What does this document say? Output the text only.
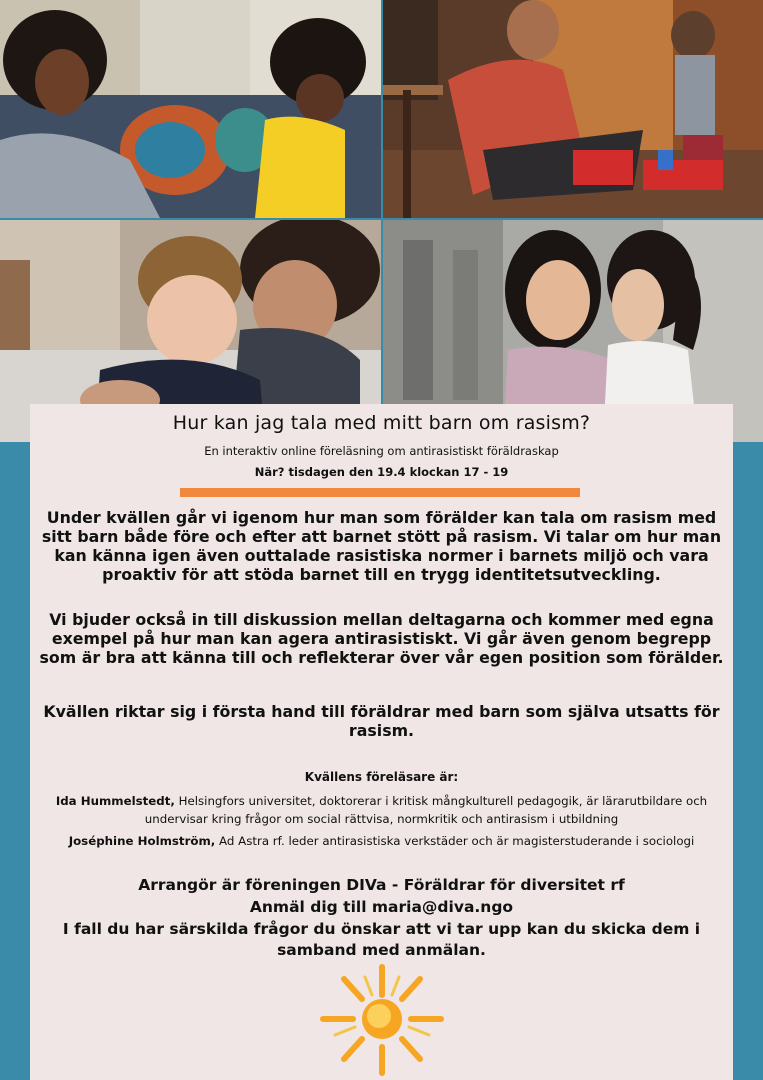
Hur kan jag tala med mitt barn om rasism?
En interaktiv online föreläsning om antirasistiskt föräldraskap
När? tisdagen den 19.4 klockan 17 - 19
Under kvällen går vi igenom hur man som förälder kan tala om rasism med sitt barn både före och efter att barnet stött på rasism. Vi talar om hur man kan känna igen även outtalade rasistiska normer i barnets miljö och vara proaktiv för att stöda barnet till en trygg identitetsutveckling.
Vi bjuder också in till diskussion mellan deltagarna och kommer med egna exempel på hur man kan agera antirasistiskt. Vi går även genom begrepp som är bra att känna till och reflekterar över vår egen position som förälder.
Kvällen riktar sig i första hand till föräldrar med barn som själva utsatts för rasism.
Kvällens föreläsare är:
Ida Hummelstedt, Helsingfors universitet, doktorerar i kritisk mångkulturell pedagogik, är lärarutbildare och undervisar kring frågor om social rättvisa, normkritik och antirasism i utbildning
Joséphine Holmström, Ad Astra rf. leder antirasistiska verkstäder och är magisterstuderande i sociologi
Arrangör är föreningen DIVa - Föräldrar för diversitet rf
Anmäl dig till maria@diva.ngo
I fall du har särskilda frågor du önskar att vi tar upp kan du skicka dem i samband med anmälan.
